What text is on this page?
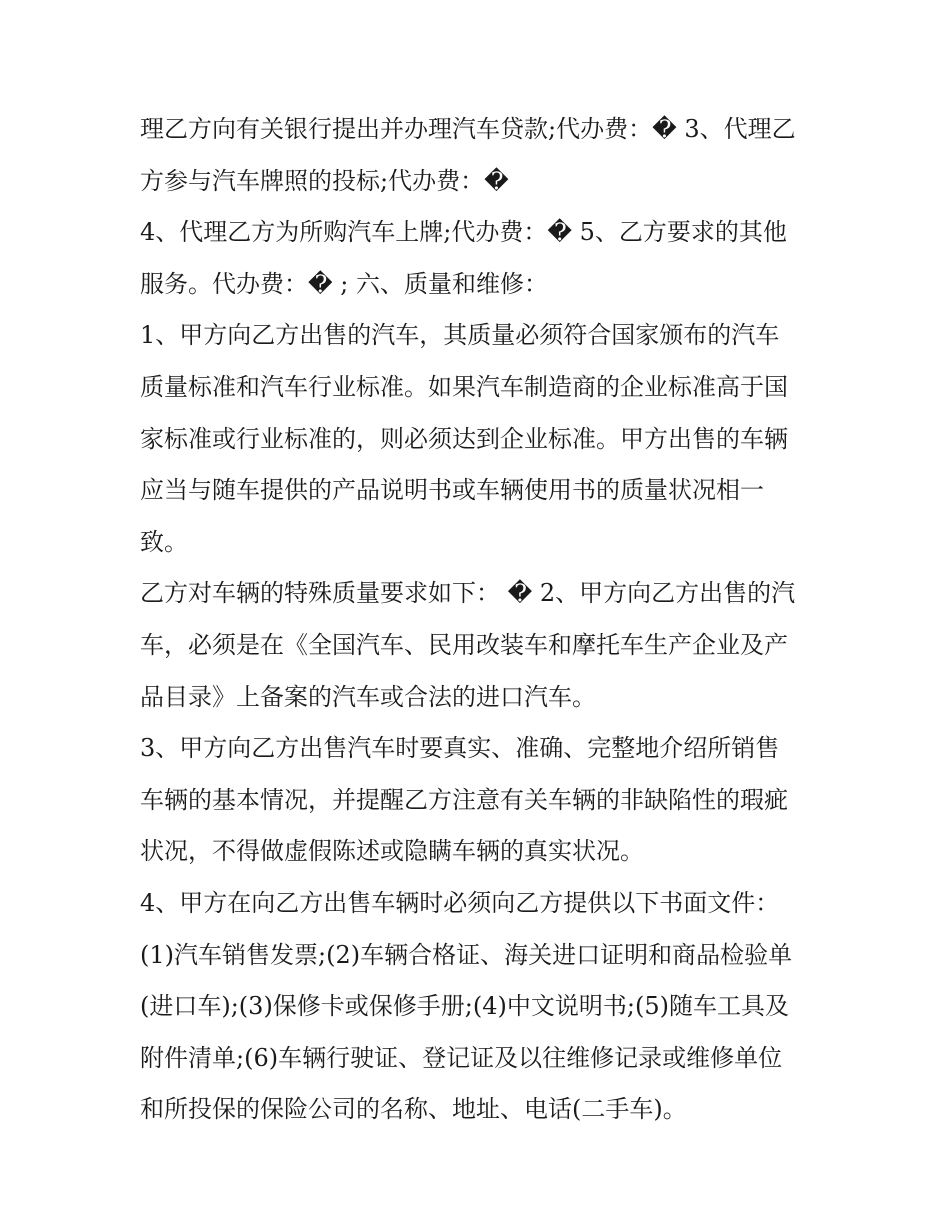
理乙方向有关银行提出并办理汽车贷款;代办费：� 3、代理乙
方参与汽车牌照的投标;代办费：�
4、代理乙方为所购汽车上牌;代办费：� 5、乙方要求的其他
服务。代办费：� ; 六、质量和维修：
1、甲方向乙方出售的汽车，其质量必须符合国家颁布的汽车
质量标准和汽车行业标准。如果汽车制造商的企业标准高于国
家标准或行业标准的，则必须达到企业标准。甲方出售的车辆
应当与随车提供的产品说明书或车辆使用书的质量状况相一
致。
乙方对车辆的特殊质量要求如下： � 2、甲方向乙方出售的汽
车，必须是在《全国汽车、民用改装车和摩托车生产企业及产
品目录》上备案的汽车或合法的进口汽车。
3、甲方向乙方出售汽车时要真实、准确、完整地介绍所销售
车辆的基本情况，并提醒乙方注意有关车辆的非缺陷性的瑕疵
状况，不得做虚假陈述或隐瞒车辆的真实状况。
4、甲方在向乙方出售车辆时必须向乙方提供以下书面文件：
(1)汽车销售发票;(2)车辆合格证、海关进口证明和商品检验单
(进口车);(3)保修卡或保修手册;(4)中文说明书;(5)随车工具及
附件清单;(6)车辆行驶证、登记证及以往维修记录或维修单位
和所投保的保险公司的名称、地址、电话(二手车)。
